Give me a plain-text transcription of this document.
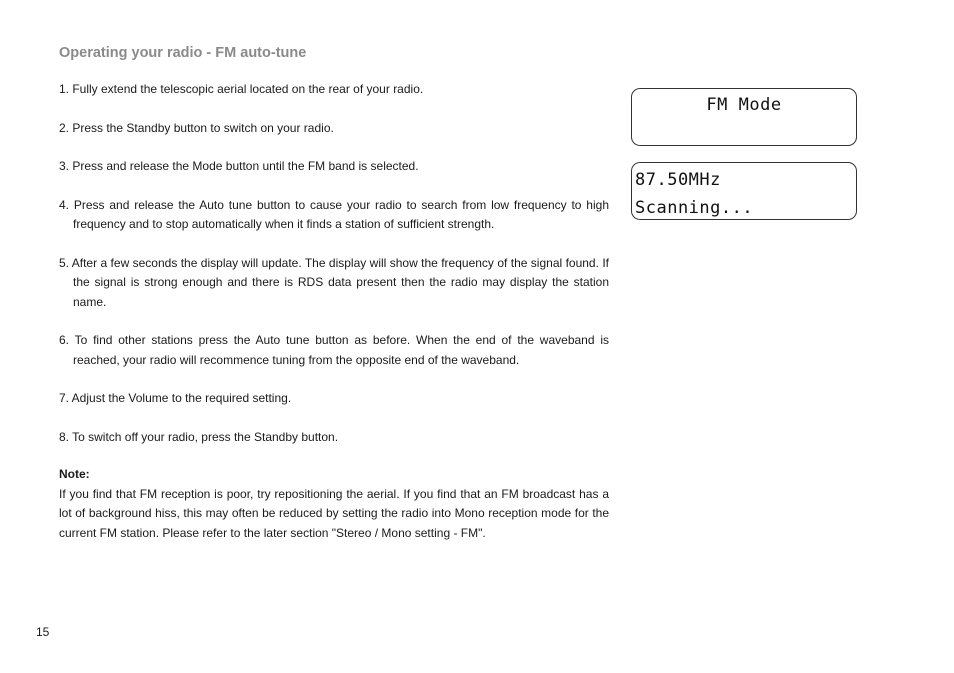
Operating your radio - FM auto-tune
1. Fully extend the telescopic aerial located on the rear of your radio.
2. Press the Standby button to switch on your radio.
3. Press and release the Mode button until the FM band is selected.
4. Press and release the Auto tune button to cause your radio to search from low frequency to high frequency and to stop automatically when it finds a station of sufficient strength.
5. After a few seconds the display will update. The display will show the frequency of the signal found. If the signal is strong enough and there is RDS data present then the radio may display the station name.
6. To find other stations press the Auto tune button as before. When the end of the waveband is reached, your radio will recommence tuning from the opposite end of the waveband.
7. Adjust the Volume to the required setting.
8. To switch off your radio, press the Standby button.

Note:

If you find that FM reception is poor, try repositioning the aerial. If you find that an FM broadcast has a lot of background hiss, this may often be reduced by setting the radio into Mono reception mode for the current FM station. Please refer to the later section "Stereo / Mono setting - FM".

FM Mode
87.50MHz
Scanning...
15
